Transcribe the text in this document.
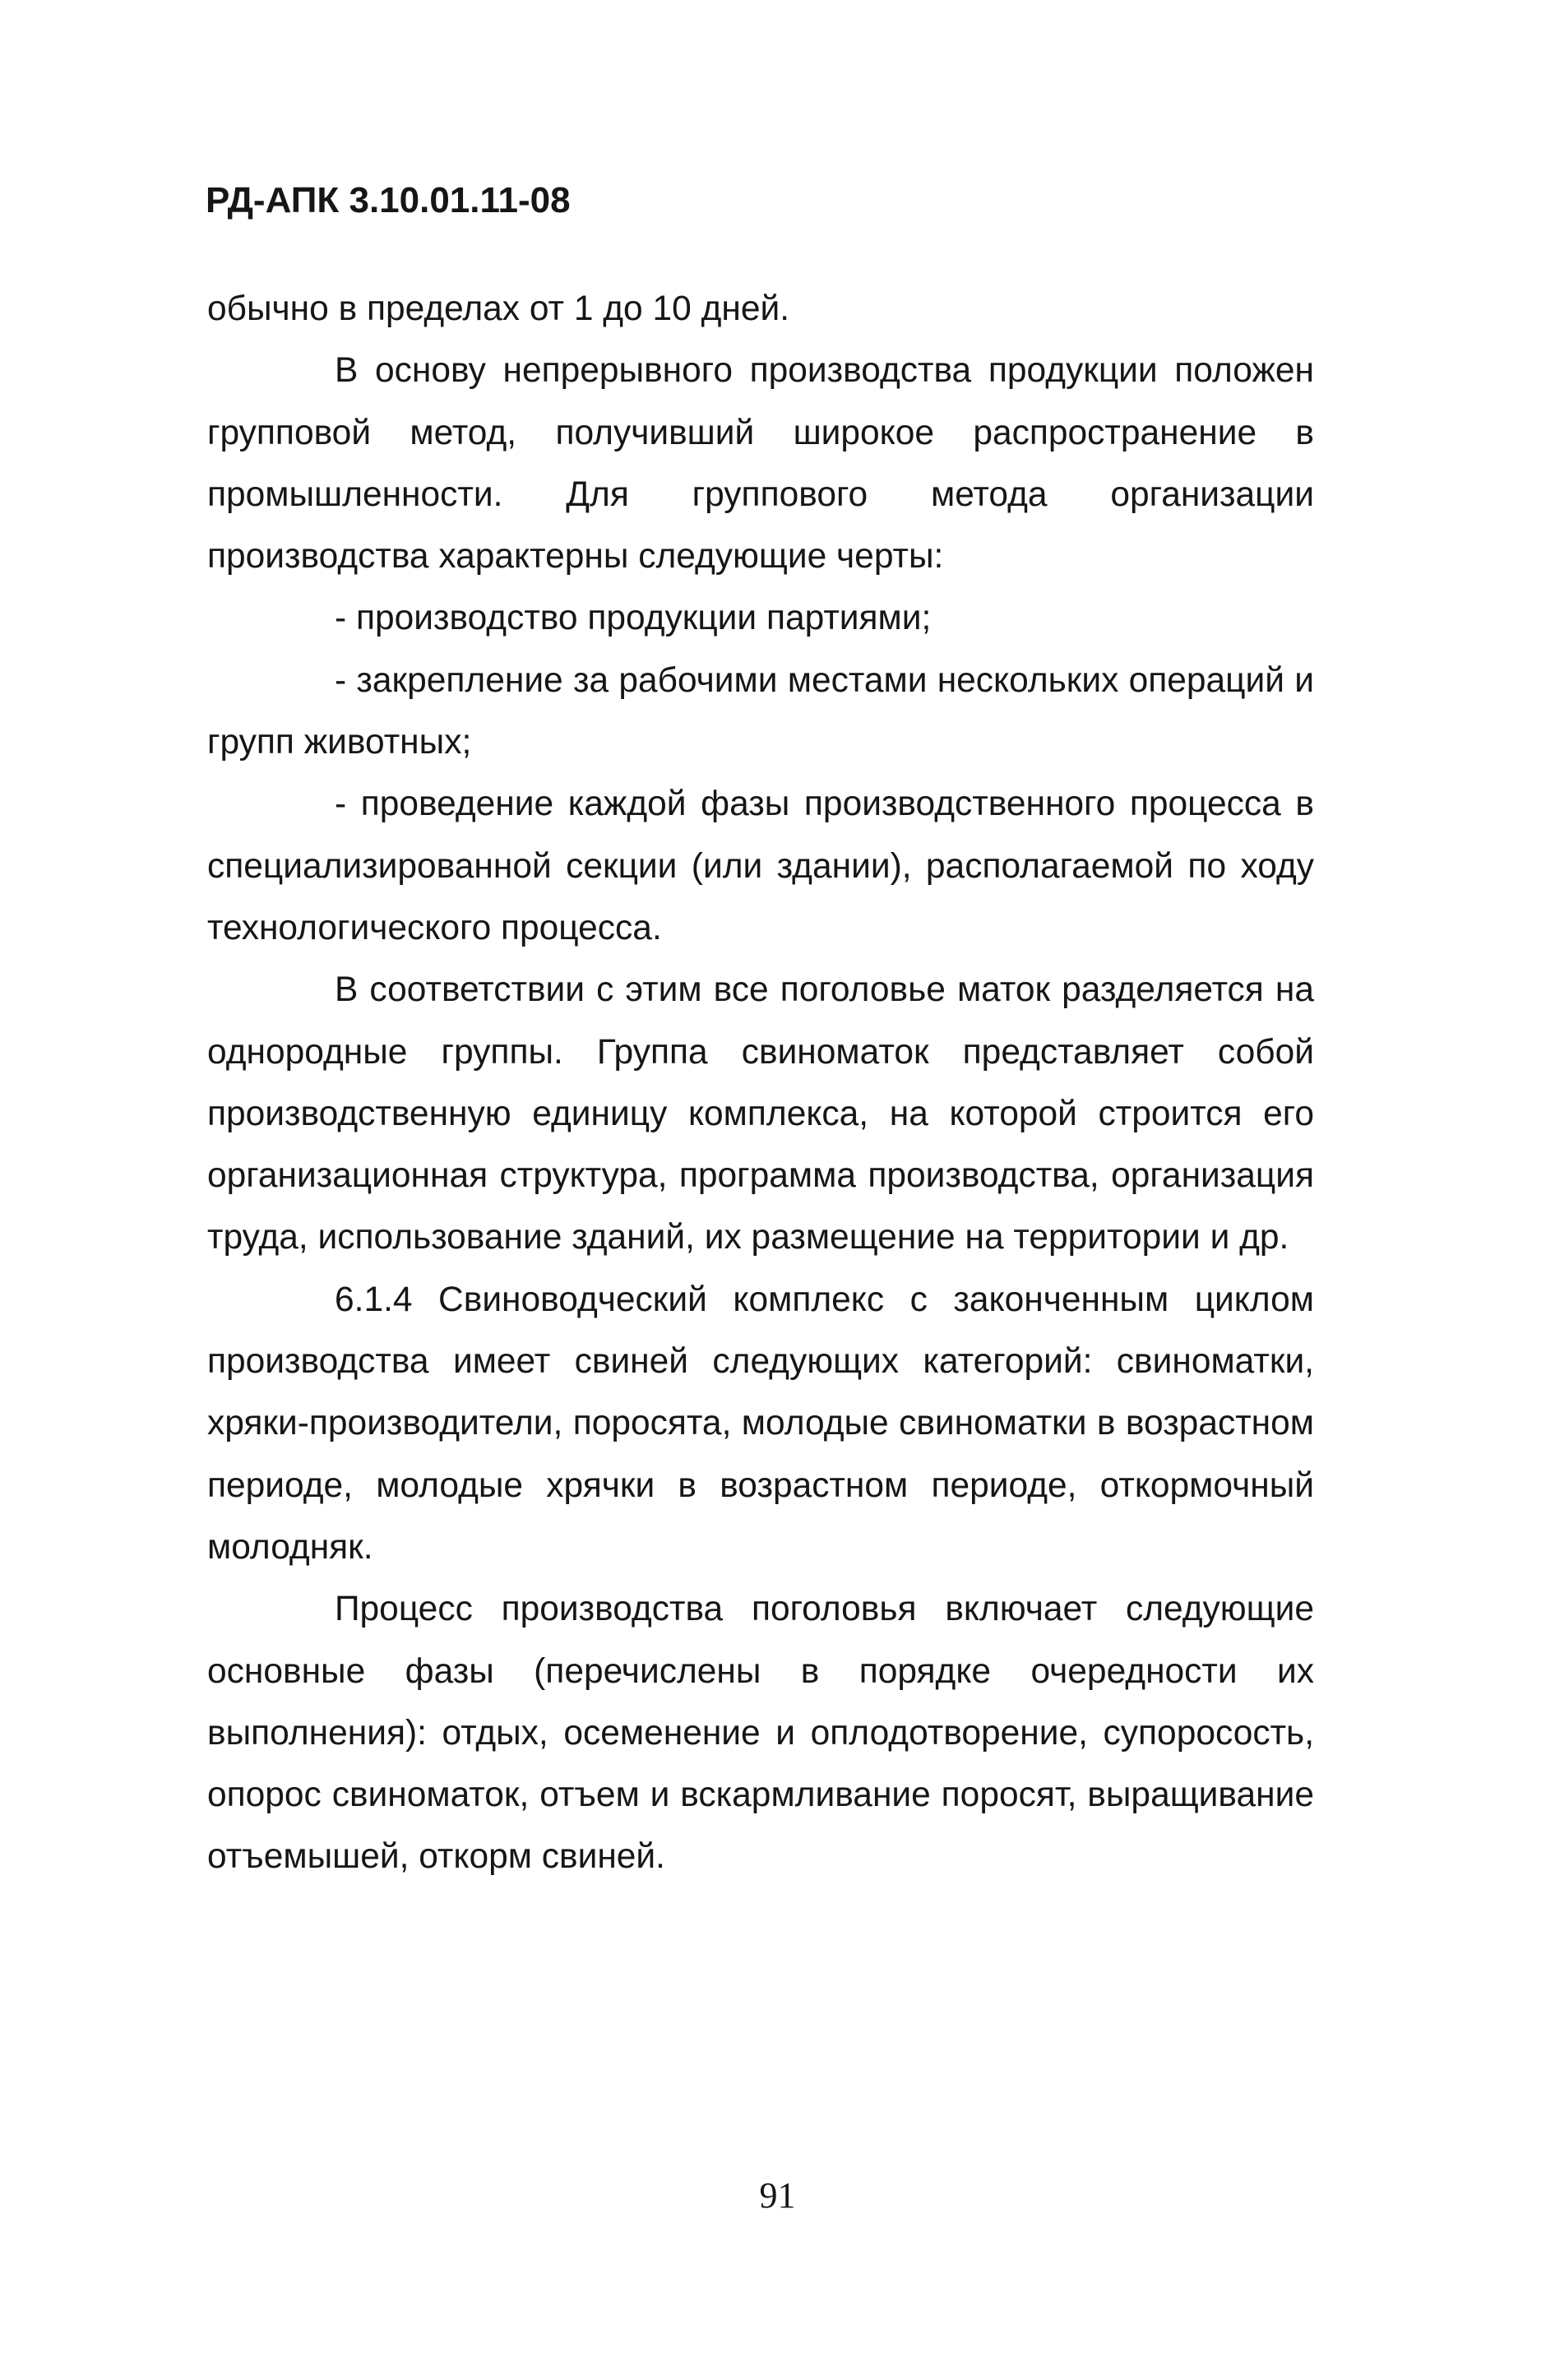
РД-АПК 3.10.01.11-08

обычно в пределах от 1 до 10 дней.

В основу непрерывного производства продукции положен групповой метод, получивший широкое распространение в промышленности. Для группового метода организации производства характерны следующие черты:

- производство продукции партиями;

- закрепление за рабочими местами нескольких операций и групп животных;

- проведение каждой фазы производственного процесса в специализированной секции (или здании), располагаемой по ходу технологического процесса.

В соответствии с этим все поголовье маток разделяется на однородные группы. Группа свиноматок представляет собой производственную единицу комплекса, на которой строится его организационная структура, программа производства, организация труда, использование зданий, их размещение на территории и др.

6.1.4 Свиноводческий комплекс с законченным циклом производства имеет свиней следующих категорий: свиноматки, хряки-производители, поросята, молодые свиноматки в возрастном периоде, молодые хрячки в возрастном периоде, откормочный молодняк.

Процесс производства поголовья включает следующие основные фазы (перечислены в порядке очередности их выполнения): отдых, осеменение и оплодотворение, супоросость, опорос свиноматок, отъем и вскармливание поросят, выращивание отъемышей, откорм свиней.

91
